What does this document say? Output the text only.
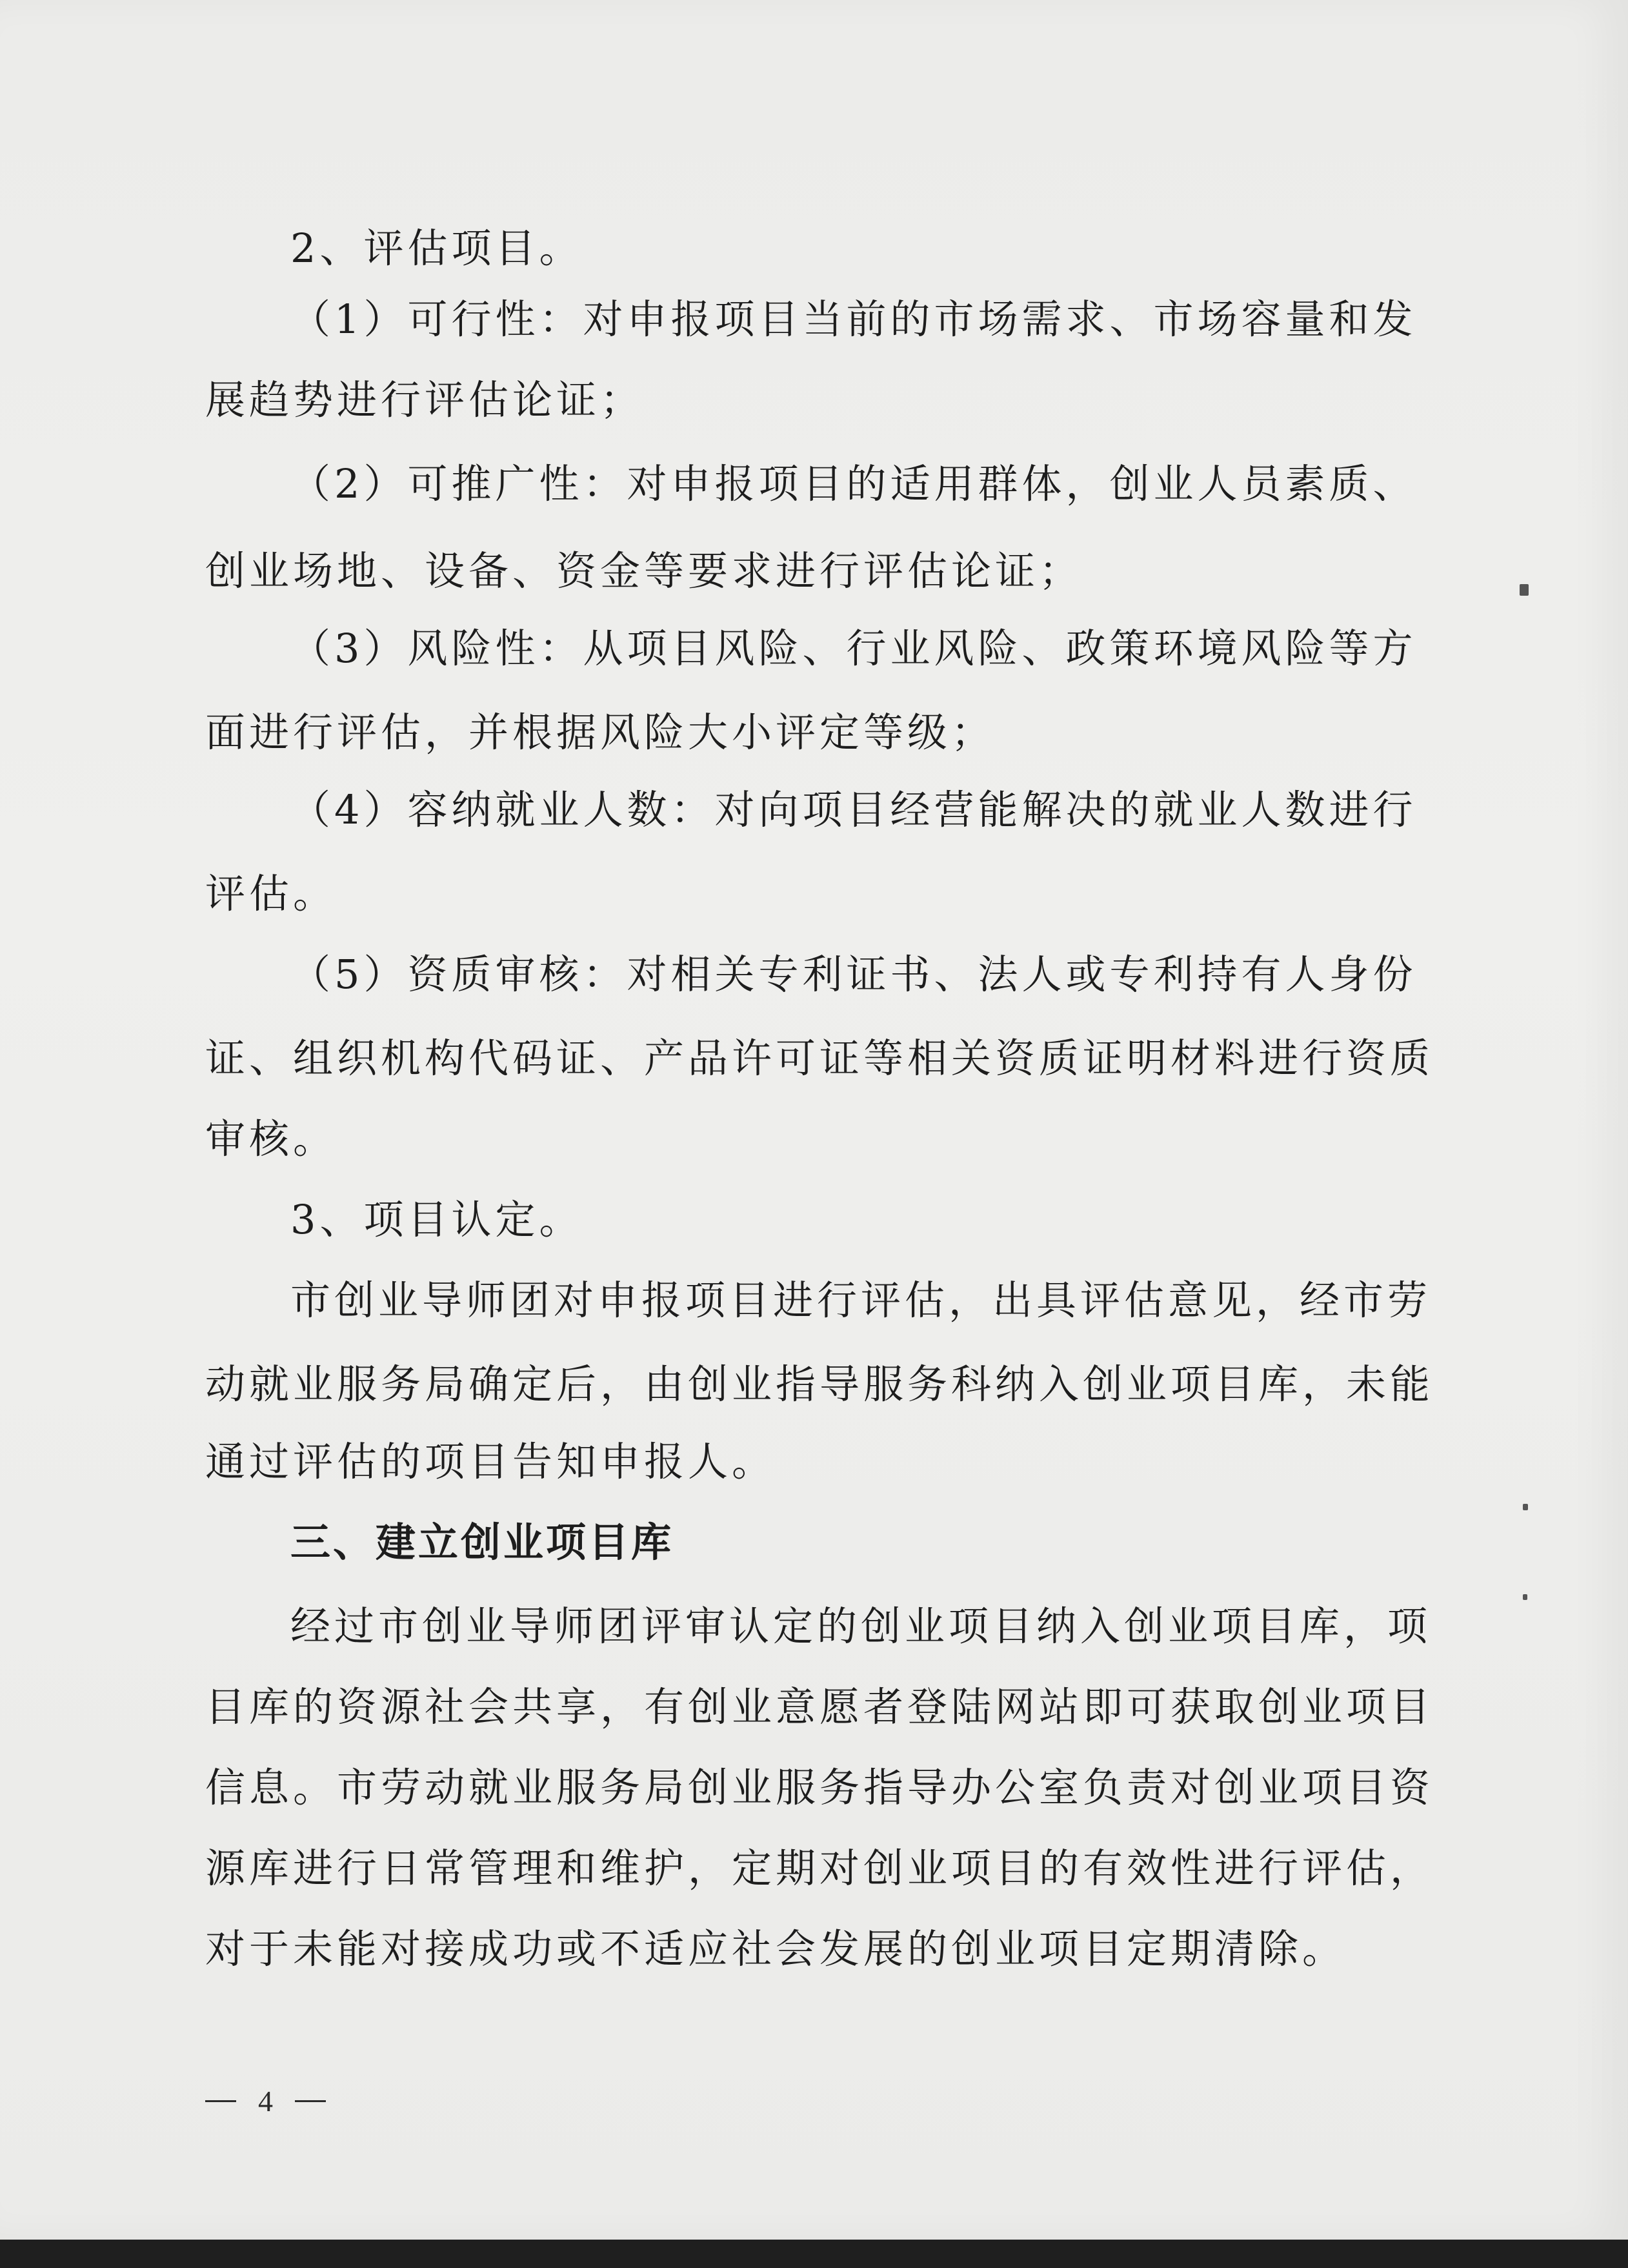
2、评估项目。
（1）可行性：对申报项目当前的市场需求、市场容量和发
展趋势进行评估论证；
（2）可推广性：对申报项目的适用群体，创业人员素质、
创业场地、设备、资金等要求进行评估论证；
（3）风险性：从项目风险、行业风险、政策环境风险等方
面进行评估，并根据风险大小评定等级；
（4）容纳就业人数：对向项目经营能解决的就业人数进行
评估。
（5）资质审核：对相关专利证书、法人或专利持有人身份
证、组织机构代码证、产品许可证等相关资质证明材料进行资质
审核。
3、项目认定。
市创业导师团对申报项目进行评估，出具评估意见，经市劳
动就业服务局确定后，由创业指导服务科纳入创业项目库，未能
通过评估的项目告知申报人。
三、建立创业项目库
经过市创业导师团评审认定的创业项目纳入创业项目库，项
目库的资源社会共享，有创业意愿者登陆网站即可获取创业项目
信息。市劳动就业服务局创业服务指导办公室负责对创业项目资
源库进行日常管理和维护，定期对创业项目的有效性进行评估，
对于未能对接成功或不适应社会发展的创业项目定期清除。
4
